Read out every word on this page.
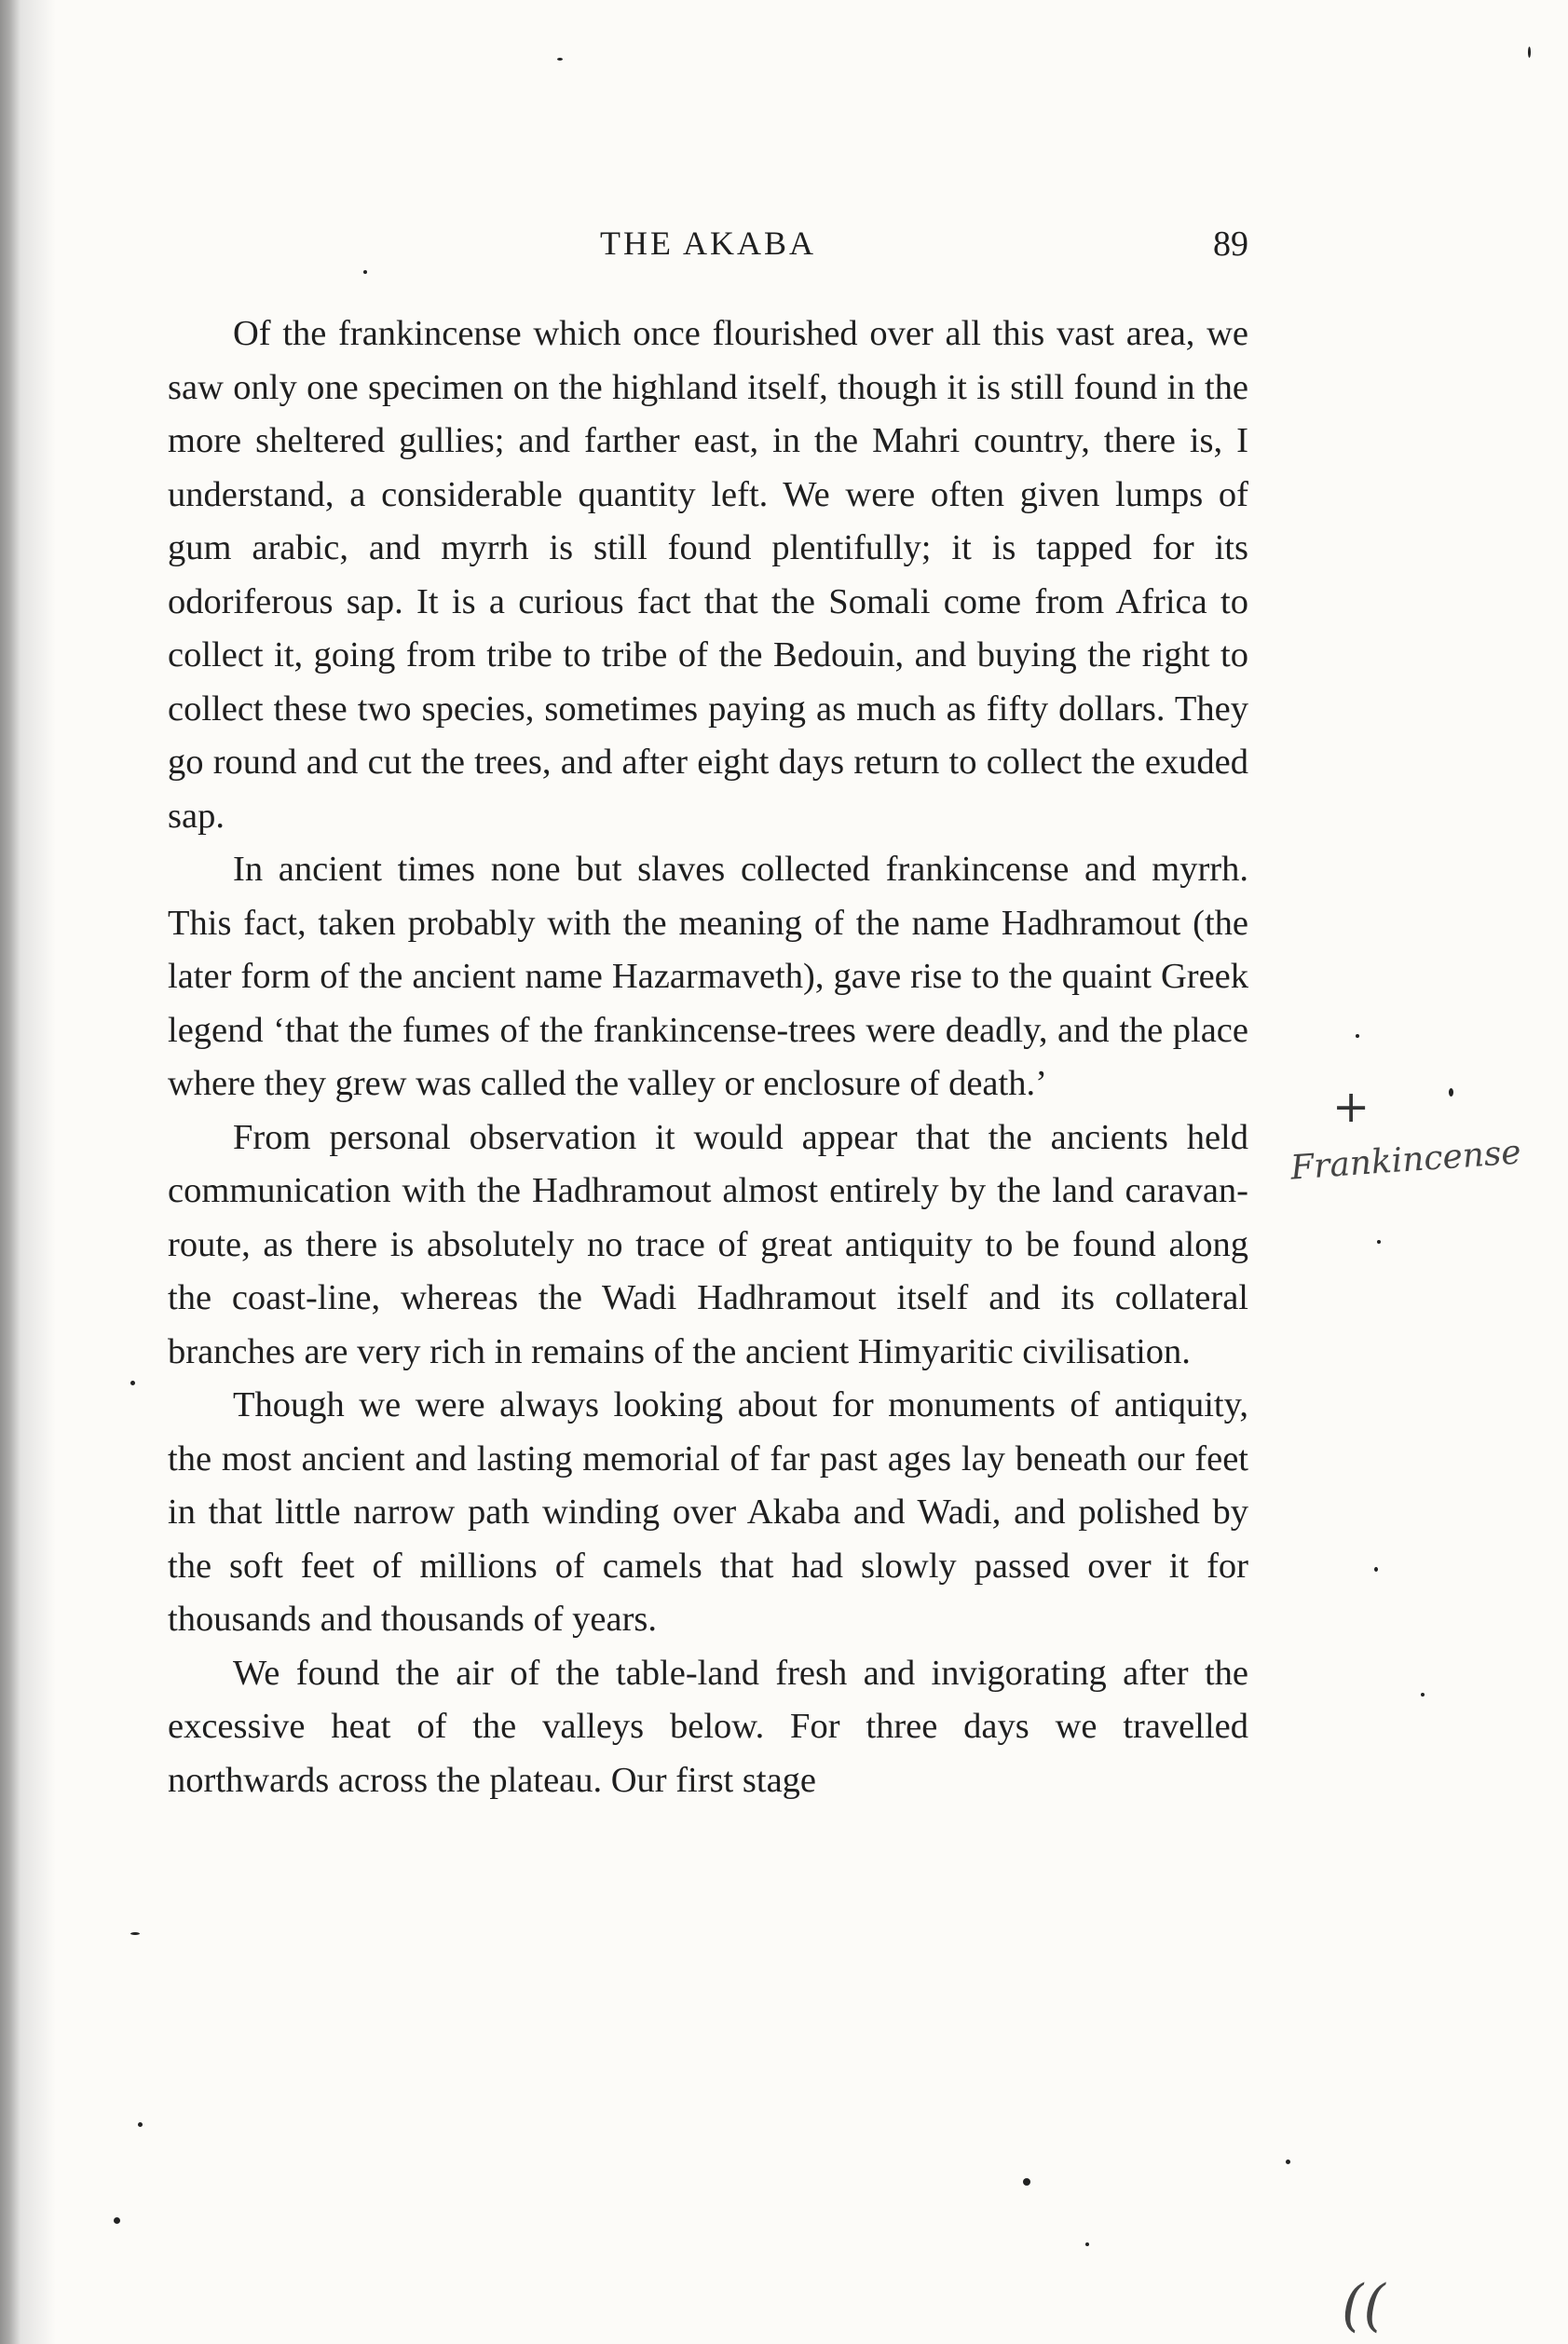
THE AKABA	89

Of the frankincense which once flourished over all this vast area, we saw only one specimen on the highland itself, though it is still found in the more sheltered gullies; and farther east, in the Mahri country, there is, I understand, a considerable quantity left. We were often given lumps of gum arabic, and myrrh is still found plentifully; it is tapped for its odoriferous sap. It is a curious fact that the Somali come from Africa to collect it, going from tribe to tribe of the Bedouin, and buying the right to collect these two species, sometimes paying as much as fifty dollars. They go round and cut the trees, and after eight days return to collect the exuded sap.

In ancient times none but slaves collected frankincense and myrrh. This fact, taken probably with the meaning of the name Hadhramout (the later form of the ancient name Hazarmaveth), gave rise to the quaint Greek legend ‘that the fumes of the frankincense-trees were deadly, and the place where they grew was called the valley or enclosure of death.’

From personal observation it would appear that the ancients held communication with the Hadhramout almost entirely by the land caravan-route, as there is absolutely no trace of great antiquity to be found along the coast-line, whereas the Wadi Hadhramout itself and its collateral branches are very rich in remains of the ancient Himyaritic civilisation.

Though we were always looking about for monuments of antiquity, the most ancient and lasting memorial of far past ages lay beneath our feet in that little narrow path winding over Akaba and Wadi, and polished by the soft feet of millions of camels that had slowly passed over it for thousands and thousands of years.

We found the air of the table-land fresh and invigorating after the excessive heat of the valleys below. For three days we travelled northwards across the plateau. Our first stage

+
Frankincense
((
